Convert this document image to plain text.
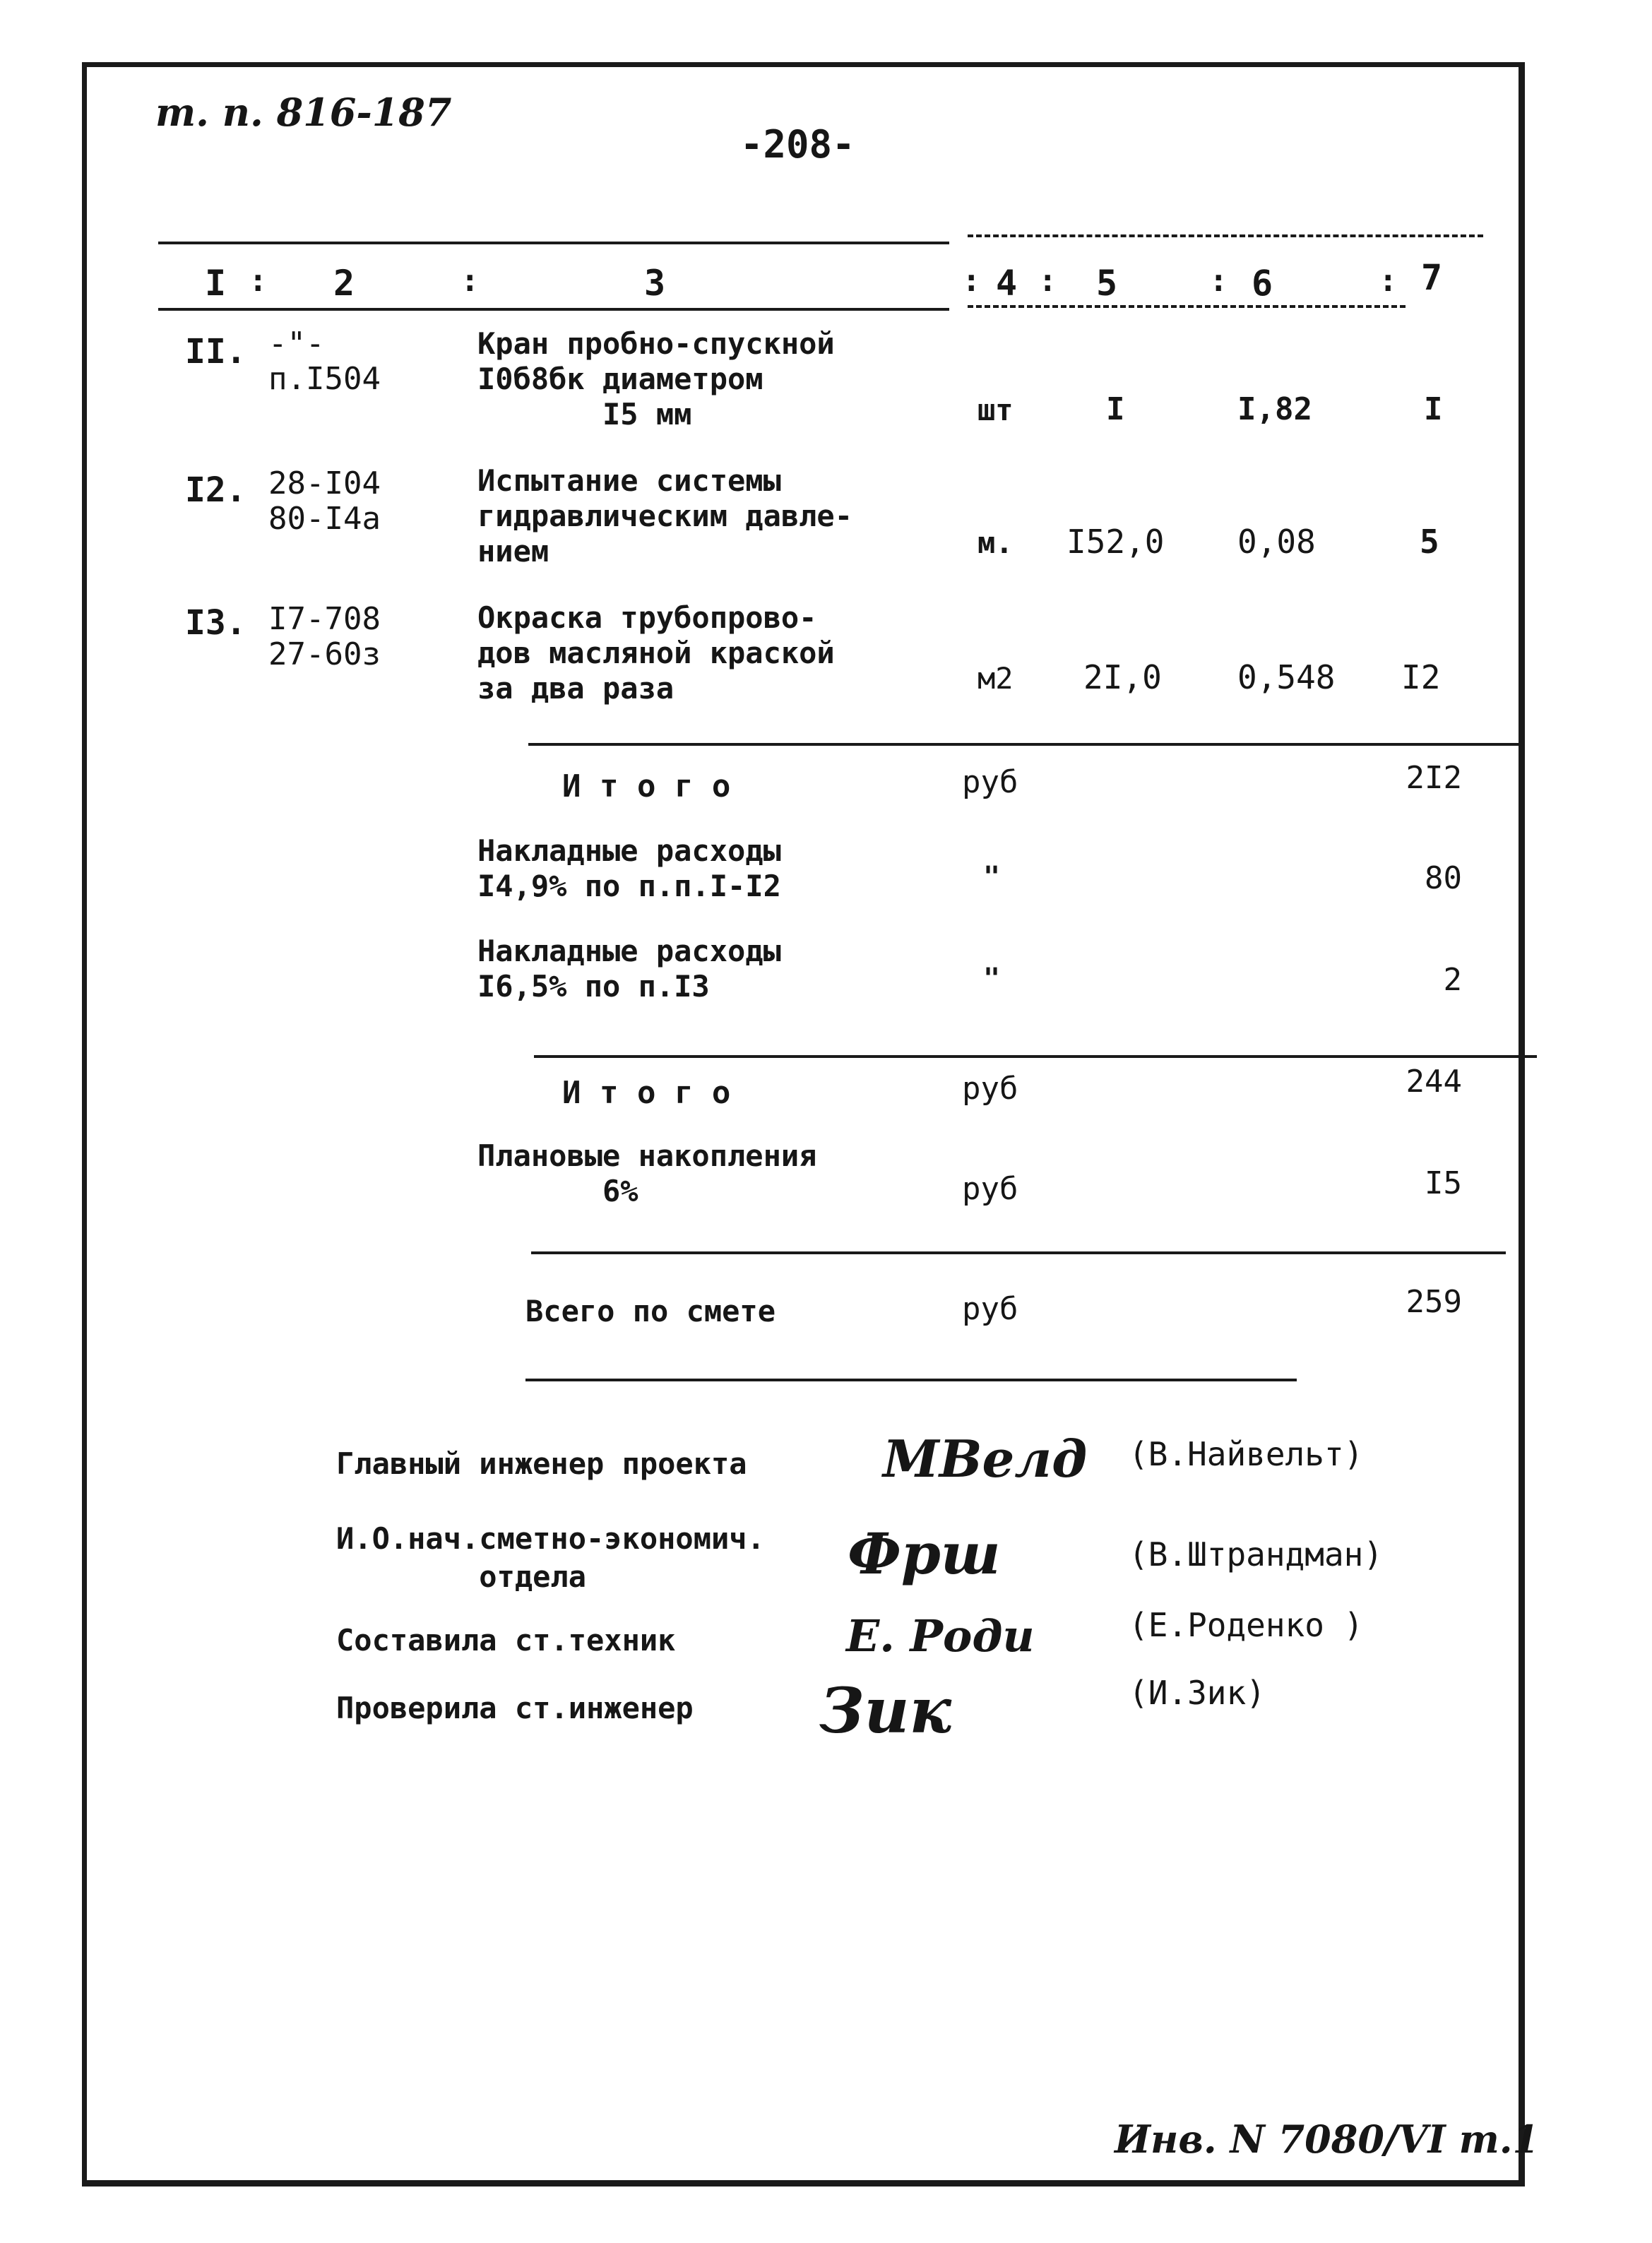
т. п. 816-187
-208-
I : 2	:	3	: 4 : 5	: 6	: 7
II. -"-
п.I504
Кран пробно-спускной
I0б8бк диаметром
I5 мм	шт	I	I,82	I
I2. 28-I04
80-I4а
Испытание системы
гидравлическим давле-
нием	м. I52,0 0,08	5
I3. I7-708
27-60з
Окраска трубопрово-
дов масляной краской
за два раза	м2 2I,0 0,548 I2
И т о г о	руб	2I2
Накладные расходы
I4,9% по п.п.I-I2	"	80
Накладные расходы
I6,5% по п.I3	"	2
И т о г о	руб	244
Плановые накопления
6%	руб	I5
Всего по смете	руб	259
Главный инженер проекта	МВелд (В.Найвельт)
И.О.нач.сметно-экономич.
отдела	Фрш	(В.Штрандман)
Составила ст.техник	Е. Роди	(Е.Роденко )
Проверила ст.инженер Зик	(И.Зик)
Инв. N 7080/VI т.1
